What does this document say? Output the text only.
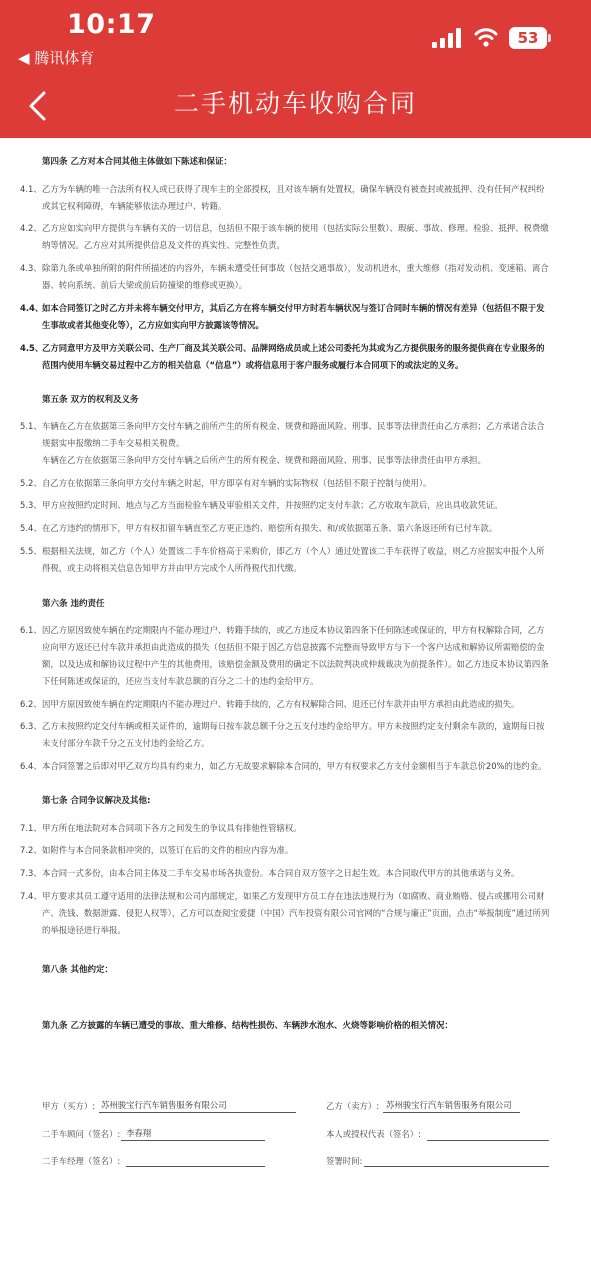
10:17
◀ 腾讯体育
53
二手机动车收购合同
第四条 乙方对本合同其他主体做如下陈述和保证：
4.1、 乙方为车辆的唯一合法所有权人或已获得了现车主的全部授权，且对该车辆有处置权，确保车辆没有被查封或被抵押、没有任何产权纠纷或其它权利障碍，车辆能够依法办理过户、转籍。
4.2、 乙方应如实向甲方提供与车辆有关的一切信息，包括但不限于该车辆的使用（包括实际公里数）、瑕疵、事故、修理、检验、抵押、税费缴纳等情况。乙方应对其所提供信息及文件的真实性、完整性负责。
4.3、 除第九条或单独所附的附件所描述的内容外，车辆未遭受任何事故（包括交通事故），发动机进水，重大维修（指对发动机、变速箱、离合器、转向系统、前后大梁或前后防撞梁的维修或更换）。
4.4、
如本合同签订之时乙方并未将车辆交付甲方，其后乙方在将车辆交付甲方时若车辆状况与签订合同时车辆的情况有差异（包括但不限于发生事故或者其他变化等），乙方应如实向甲方披露该等情况。
4.5、
乙方同意甲方及甲方关联公司、生产厂商及其关联公司、品牌网络成员或上述公司委托为其或为乙方提供服务的服务提供商在专业服务的范围内使用车辆交易过程中乙方的相关信息（“信息”）或将信息用于客户服务或履行本合同项下的或法定的义务。
第五条 双方的权利及义务
5.1、 车辆在乙方在依据第三条向甲方交付车辆之前所产生的所有税金、规费和路面风险、刑事、民事等法律责任由乙方承担；乙方承诺合法合规据实申报缴纳二手车交易相关税费。
车辆在乙方在依据第三条向甲方交付车辆之后所产生的所有税金、规费和路面风险、刑事、民事等法律责任由甲方承担。
5.2、 自乙方在依据第三条向甲方交付车辆之时起，甲方即享有对车辆的实际物权（包括但不限于控制与使用）。
5.3、 甲方应按照约定时间、地点与乙方当面检验车辆及审验相关文件，并按照约定支付车款；乙方收取车款后，应出具收款凭证。
5.4、 在乙方违约的情形下，甲方有权扣留车辆直至乙方更正违约、赔偿所有损失、和/或依据第五条、第六条返还所有已付车款。
5.5、 根据相关法规，如乙方（个人）处置该二手车价格高于采购价，即乙方（个人）通过处置该二手车获得了收益，则乙方应据实申报个人所得税，或主动将相关信息告知甲方并由甲方完成个人所得税代扣代缴。
第六条 违约责任
6.1、 因乙方原因致使车辆在约定期限内不能办理过户、转籍手续的，或乙方违反本协议第四条下任何陈述或保证的，甲方有权解除合同，乙方应向甲方返还已付车款并承担由此造成的损失（包括但不限于因乙方信息披露不完整而导致甲方与下一个客户达成和解协议所需赔偿的金额，以及达成和解协议过程中产生的其他费用，该赔偿金额及费用的确定不以法院判决或仲裁裁决为前提条件）。如乙方违反本协议第四条下任何陈述或保证的，还应当支付车款总额的百分之二十的违约金给甲方。
6.2、 因甲方原因致使车辆在约定期限内不能办理过户、转籍手续的，乙方有权解除合同、退还已付车款并由甲方承担由此造成的损失。
6.3、 乙方未按照约定交付车辆或相关证件的，逾期每日按车款总额千分之五支付违约金给甲方。甲方未按照约定支付剩余车款的，逾期每日按未支付部分车款千分之五支付违约金给乙方。
6.4、 本合同签署之后即对甲乙双方均具有约束力，如乙方无故要求解除本合同的，甲方有权要求乙方支付金额相当于车款总价20%的违约金。
第七条 合同争议解决及其他:
7.1、 甲方所在地法院对本合同项下各方之间发生的争议具有排他性管辖权。
7.2、 如附件与本合同条款相冲突的，以签订在后的文件的相应内容为准。
7.3、 本合同一式多份，由本合同主体及二手车交易市场各执壹份。本合同自双方签字之日起生效。本合同取代甲方的其他承诺与义务。
7.4、 甲方要求其员工遵守适用的法律法规和公司内部规定，如果乙方发现甲方员工存在违法违规行为（如腐败、商业贿赂、侵占或挪用公司财产、洗钱、数据泄露、侵犯人权等），乙方可以查阅宝爱捷（中国）汽车投资有限公司官网的“合规与廉正”页面，点击“举报制度”通过所列的举报途径进行举报。
第八条 其他约定：
第九条 乙方披露的车辆已遭受的事故、重大维修、结构性损伤、车辆涉水泡水、火烧等影响价格的相关情况：
甲方（买方）: 苏州骏宝行汽车销售服务有限公司	乙方（卖方）: 苏州骏宝行汽车销售服务有限公司
二手车顾问（签名）: 李春翔	本人或授权代表（签名）:
二手车经理（签名）:	签署时间:
